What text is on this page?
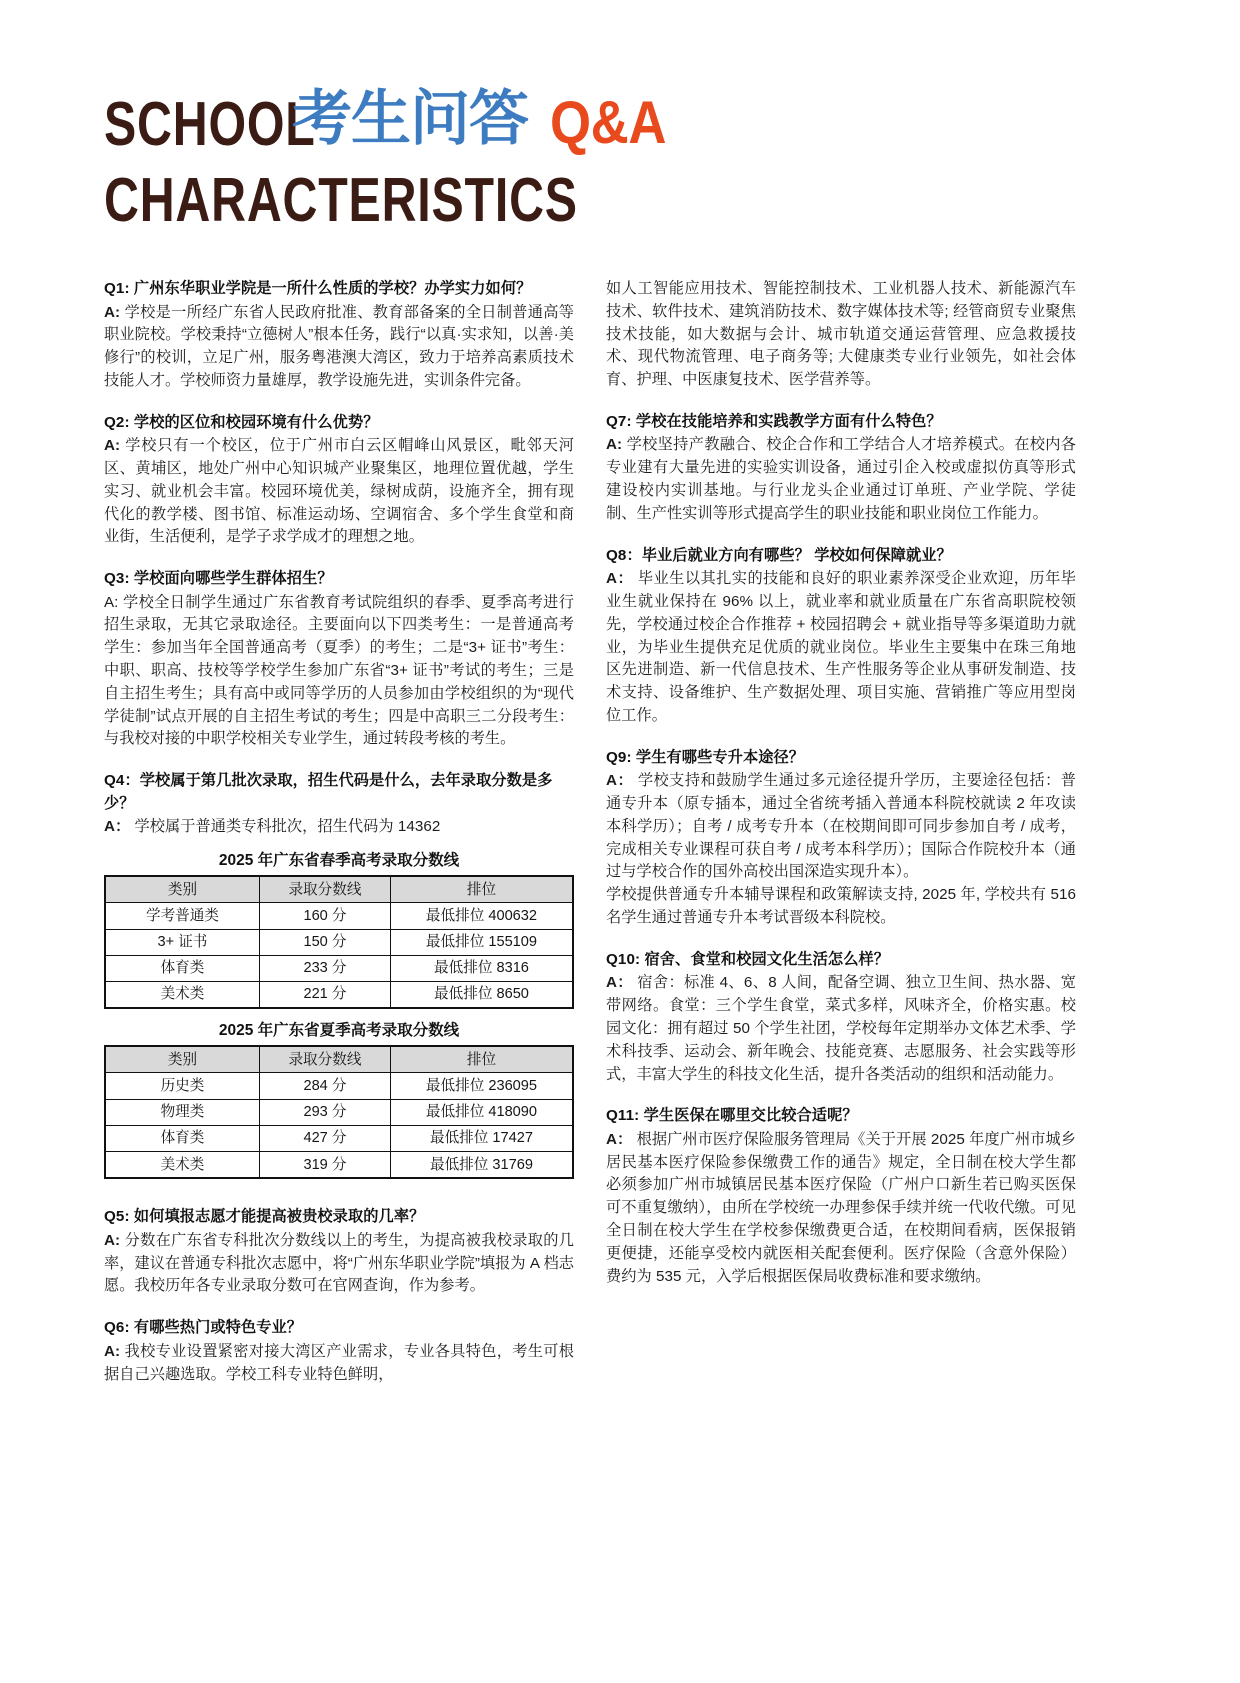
SCHOOL
考生问答 Q&A
CHARACTERISTICS

Q1: 广州东华职业学院是一所什么性质的学校？办学实力如何？

A: 学校是一所经广东省人民政府批准、教育部备案的全日制普通高等职业院校。学校秉持“立德树人”根本任务，践行“以真·实求知，以善·美修行”的校训，立足广州，服务粤港澳大湾区，致力于培养高素质技术技能人才。学校师资力量雄厚，教学设施先进，实训条件完备。

Q2: 学校的区位和校园环境有什么优势？

A: 学校只有一个校区，位于广州市白云区帽峰山风景区，毗邻天河区、黄埔区，地处广州中心知识城产业聚集区，地理位置优越，学生实习、就业机会丰富。校园环境优美，绿树成荫，设施齐全，拥有现代化的教学楼、图书馆、标准运动场、空调宿舍、多个学生食堂和商业街，生活便利，是学子求学成才的理想之地。

Q3: 学校面向哪些学生群体招生？

A: 学校全日制学生通过广东省教育考试院组织的春季、夏季高考进行招生录取，无其它录取途径。主要面向以下四类考生：一是普通高考学生：参加当年全国普通高考（夏季）的考生；二是“3+ 证书”考生：中职、职高、技校等学校学生参加广东省“3+ 证书”考试的考生；三是自主招生考生；具有高中或同等学历的人员参加由学校组织的为“现代学徒制”试点开展的自主招生考试的考生；四是中高职三二分段考生：与我校对接的中职学校相关专业学生，通过转段考核的考生。

Q4：学校属于第几批次录取，招生代码是什么，去年录取分数是多少？

A： 学校属于普通类专科批次，招生代码为 14362

2025 年广东省春季高考录取分数线
类别	录取分数线	排位
学考普通类	160 分	最低排位 400632
3+ 证书	150 分	最低排位 155109
体育类	233 分	最低排位 8316
美术类	221 分	最低排位 8650
2025 年广东省夏季高考录取分数线
类别	录取分数线	排位
历史类	284 分	最低排位 236095
物理类	293 分	最低排位 418090
体育类	427 分	最低排位 17427
美术类	319 分	最低排位 31769

Q5: 如何填报志愿才能提高被贵校录取的几率？

A: 分数在广东省专科批次分数线以上的考生，为提高被我校录取的几率，建议在普通专科批次志愿中，将“广州东华职业学院”填报为 A 档志愿。我校历年各专业录取分数可在官网查询，作为参考。

Q6: 有哪些热门或特色专业？

A: 我校专业设置紧密对接大湾区产业需求，专业各具特色，考生可根据自己兴趣选取。学校工科专业特色鲜明，

如人工智能应用技术、智能控制技术、工业机器人技术、新能源汽车技术、软件技术、建筑消防技术、数字媒体技术等; 经管商贸专业聚焦技术技能，如大数据与会计、城市轨道交通运营管理、应急救援技术、现代物流管理、电子商务等; 大健康类专业行业领先，如社会体育、护理、中医康复技术、医学营养等。

Q7: 学校在技能培养和实践教学方面有什么特色？

A: 学校坚持产教融合、校企合作和工学结合人才培养模式。在校内各专业建有大量先进的实验实训设备，通过引企入校或虚拟仿真等形式建设校内实训基地。与行业龙头企业通过订单班、产业学院、学徒制、生产性实训等形式提高学生的职业技能和职业岗位工作能力。

Q8：毕业后就业方向有哪些？ 学校如何保障就业？

A： 毕业生以其扎实的技能和良好的职业素养深受企业欢迎，历年毕业生就业保持在 96% 以上，就业率和就业质量在广东省高职院校领先，学校通过校企合作推荐 + 校园招聘会 + 就业指导等多渠道助力就业，为毕业生提供充足优质的就业岗位。毕业生主要集中在珠三角地区先进制造、新一代信息技术、生产性服务等企业从事研发制造、技术支持、设备维护、生产数据处理、项目实施、营销推广等应用型岗位工作。

Q9: 学生有哪些专升本途径？

A： 学校支持和鼓励学生通过多元途径提升学历，主要途径包括：普通专升本（原专插本，通过全省统考插入普通本科院校就读 2 年攻读本科学历）；自考 / 成考专升本（在校期间即可同步参加自考 / 成考，完成相关专业课程可获自考 / 成考本科学历）；国际合作院校升本（通过与学校合作的国外高校出国深造实现升本）。

学校提供普通专升本辅导课程和政策解读支持, 2025 年, 学校共有 516 名学生通过普通专升本考试晋级本科院校。

Q10: 宿舍、食堂和校园文化生活怎么样？

A： 宿舍：标准 4、6、8 人间，配备空调、独立卫生间、热水器、宽带网络。食堂：三个学生食堂，菜式多样，风味齐全，价格实惠。校园文化：拥有超过 50 个学生社团，学校每年定期举办文体艺术季、学术科技季、运动会、新年晚会、技能竞赛、志愿服务、社会实践等形式，丰富大学生的科技文化生活，提升各类活动的组织和活动能力。

Q11: 学生医保在哪里交比较合适呢？

A： 根据广州市医疗保险服务管理局《关于开展 2025 年度广州市城乡居民基本医疗保险参保缴费工作的通告》规定，全日制在校大学生都必须参加广州市城镇居民基本医疗保险（广州户口新生若已购买医保可不重复缴纳），由所在学校统一办理参保手续并统一代收代缴。可见全日制在校大学生在学校参保缴费更合适，在校期间看病，医保报销更便捷，还能享受校内就医相关配套便利。医疗保险（含意外保险）费约为 535 元，入学后根据医保局收费标准和要求缴纳。
